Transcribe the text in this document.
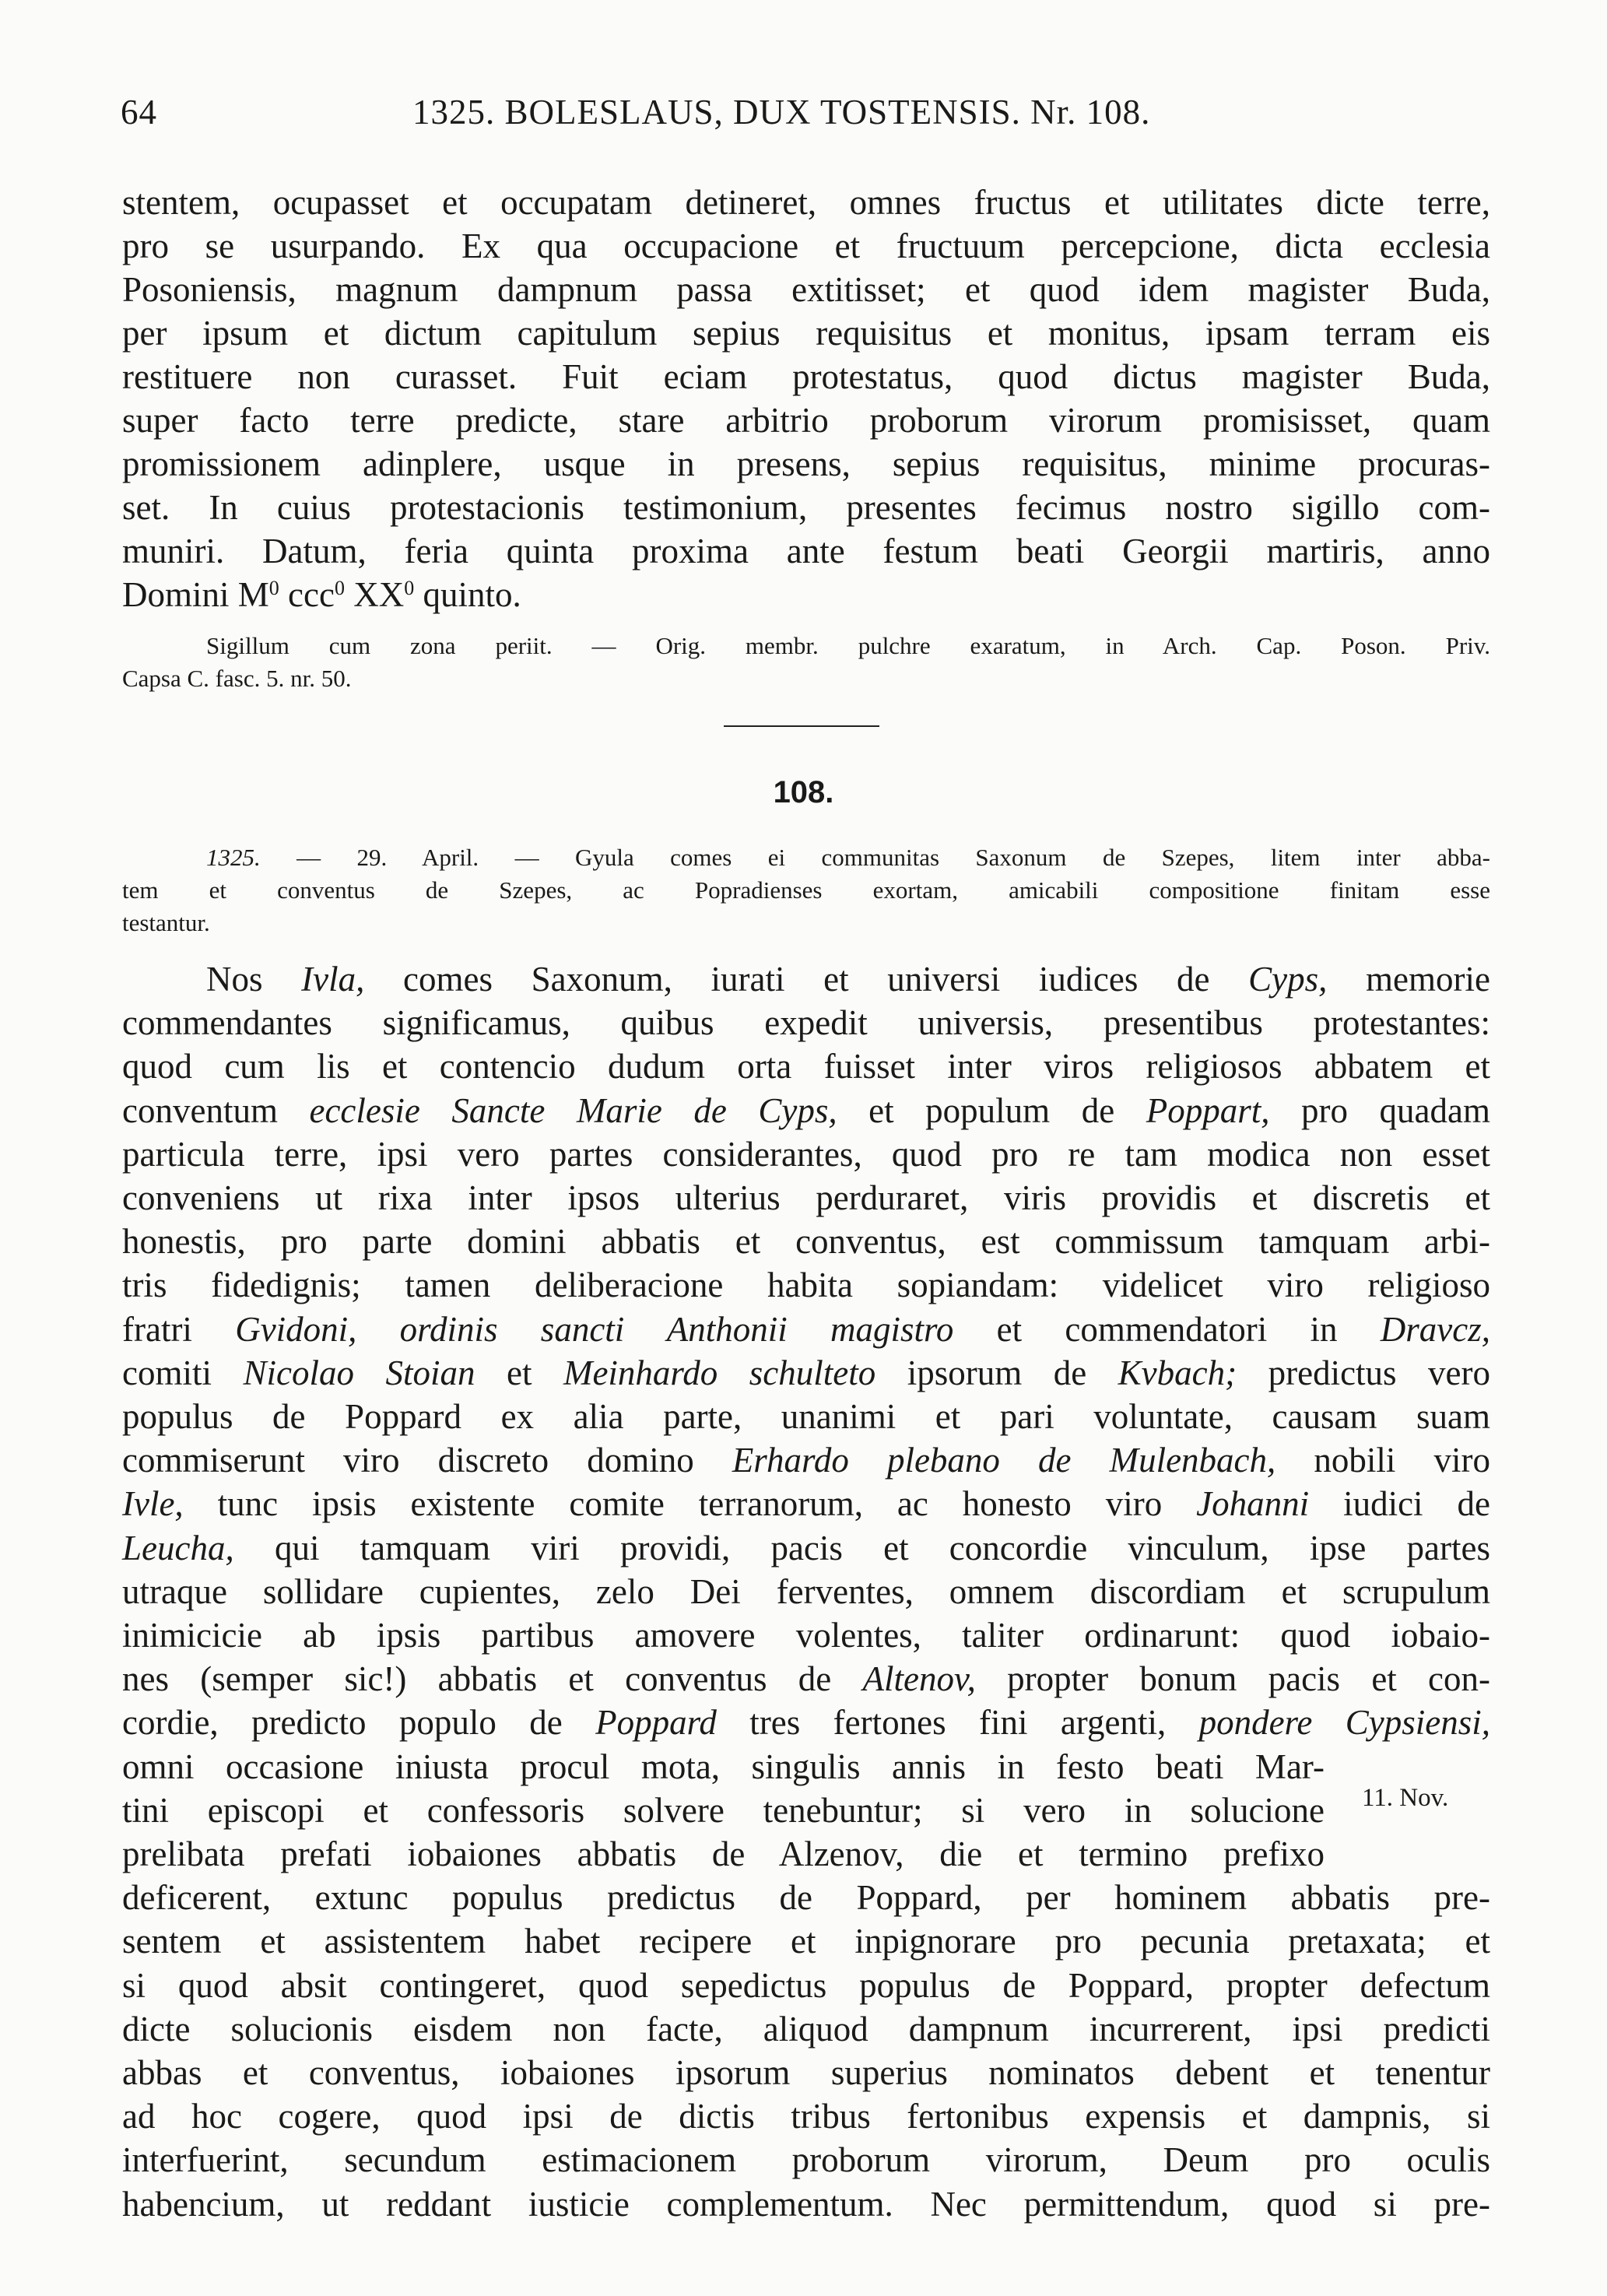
64	1325. BOLESLAUS, DUX TOSTENSIS. Nr. 108.
stentem, ocupasset et occupatam detineret, omnes fructus et utilitates dicte terre,
pro se usurpando. Ex qua occupacione et fructuum percepcione, dicta ecclesia
Posoniensis, magnum dampnum passa extitisset; et quod idem magister Buda,
per ipsum et dictum capitulum sepius requisitus et monitus, ipsam terram eis
restituere non curasset. Fuit eciam protestatus, quod dictus magister Buda,
super facto terre predicte, stare arbitrio proborum virorum promisisset, quam
promissionem adinplere, usque in presens, sepius requisitus, minime procuras-
set. In cuius protestacionis testimonium, presentes fecimus nostro sigillo com-
muniri. Datum, feria quinta proxima ante festum beati Georgii martiris, anno
Domini $M^0$ ccc$^0$ $XX^0$ quinto.
Sigillum cum zona periit. — Orig. membr. pulchre exaratum, in Arch. Cap. Poson. Priv.
Capsa C. fasc. 5. nr. 50.
108.
1325. — 29. April. — Gyula comes ei communitas Saxonum de Szepes, litem inter abba-
tem et conventus de Szepes, ac Popradienses exortam, amicabili compositione finitam esse
testantur.
Nos Ivla, comes Saxonum, iurati et universi iudices de Cyps, memorie
commendantes significamus, quibus expedit universis, presentibus protestantes:
quod cum lis et contencio dudum orta fuisset inter viros religiosos abbatem et
conventum ecclesie Sancte Marie de Cyps, et populum de Poppart, pro quadam
particula terre, ipsi vero partes considerantes, quod pro re tam modica non esset
conveniens ut rixa inter ipsos ulterius perduraret, viris providis et discretis et
honestis, pro parte domini abbatis et conventus, est commissum tamquam arbi-
tris fidedignis; tamen deliberacione habita sopiandam: videlicet viro religioso
fratri Gvidoni, ordinis sancti Anthonii magistro et commendatori in Dravcz,
comiti Nicolao Stoian et Meinhardo schulteto ipsorum de Kvbach; predictus vero
populus de Poppard ex alia parte, unanimi et pari voluntate, causam suam
commiserunt viro discreto domino Erhardo plebano de Mulenbach, nobili viro
Ivle, tunc ipsis existente comite terranorum, ac honesto viro Johanni iudici de
Leucha, qui tamquam viri providi, pacis et concordie vinculum, ipse partes
utraque sollidare cupientes, zelo Dei ferventes, omnem discordiam et scrupulum
inimicicie ab ipsis partibus amovere volentes, taliter ordinarunt: quod iobaio-
nes (semper sic!) abbatis et conventus de Altenov, propter bonum pacis et con-
cordie, predicto populo de Poppard tres fertones fini argenti, pondere Cypsiensi,
omni occasione iniusta procul mota, singulis annis in festo beati Mar-
tini episcopi et confessoris solvere tenebuntur; si vero in solucione
prelibata prefati iobaiones abbatis de Alzenov, die et termino prefixo
deficerent, extunc populus predictus de Poppard, per hominem abbatis pre-
sentem et assistentem habet recipere et inpignorare pro pecunia pretaxata; et
si quod absit contingeret, quod sepedictus populus de Poppard, propter defectum
dicte solucionis eisdem non facte, aliquod dampnum incurrerent, ipsi predicti
abbas et conventus, iobaiones ipsorum superius nominatos debent et tenentur
ad hoc cogere, quod ipsi de dictis tribus fertonibus expensis et dampnis, si
interfuerint, secundum estimacionem proborum virorum, Deum pro oculis
habencium, ut reddant iusticie complementum. Nec permittendum, quod si pre-
11. Nov.
